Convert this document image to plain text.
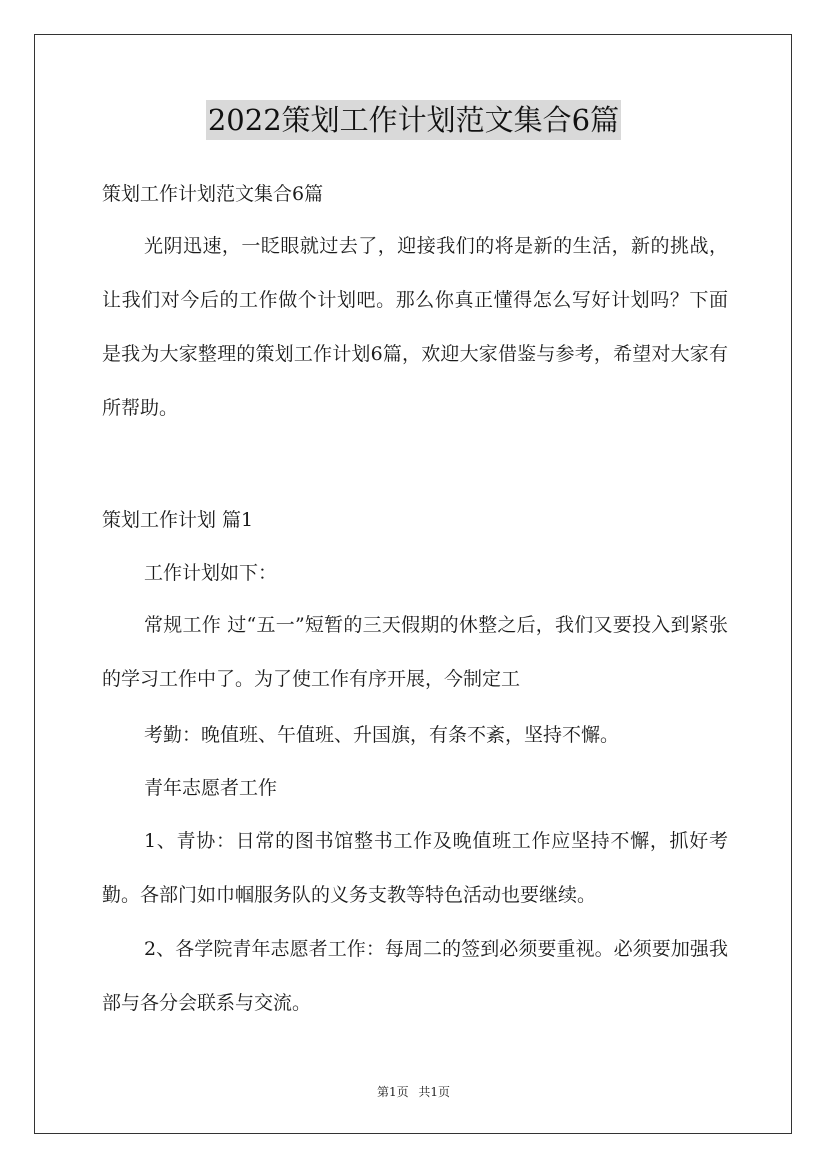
2022策划工作计划范文集合6篇

策划工作计划范文集合6篇

光阴迅速，一眨眼就过去了，迎接我们的将是新的生活，新的挑战，让我们对今后的工作做个计划吧。那么你真正懂得怎么写好计划吗？下面是我为大家整理的策划工作计划6篇，欢迎大家借鉴与参考，希望对大家有所帮助。

策划工作计划 篇1

工作计划如下：

常规工作 过“五一”短暂的三天假期的休整之后，我们又要投入到紧张的学习工作中了。为了使工作有序开展，今制定工

考勤：晚值班、午值班、升国旗，有条不紊，坚持不懈。

青年志愿者工作

1、青协：日常的图书馆整书工作及晚值班工作应坚持不懈，抓好考勤。各部门如巾帼服务队的义务支教等特色活动也要继续。

2、各学院青年志愿者工作：每周二的签到必须要重视。必须要加强我部与各分会联系与交流。

第1页 共1页
